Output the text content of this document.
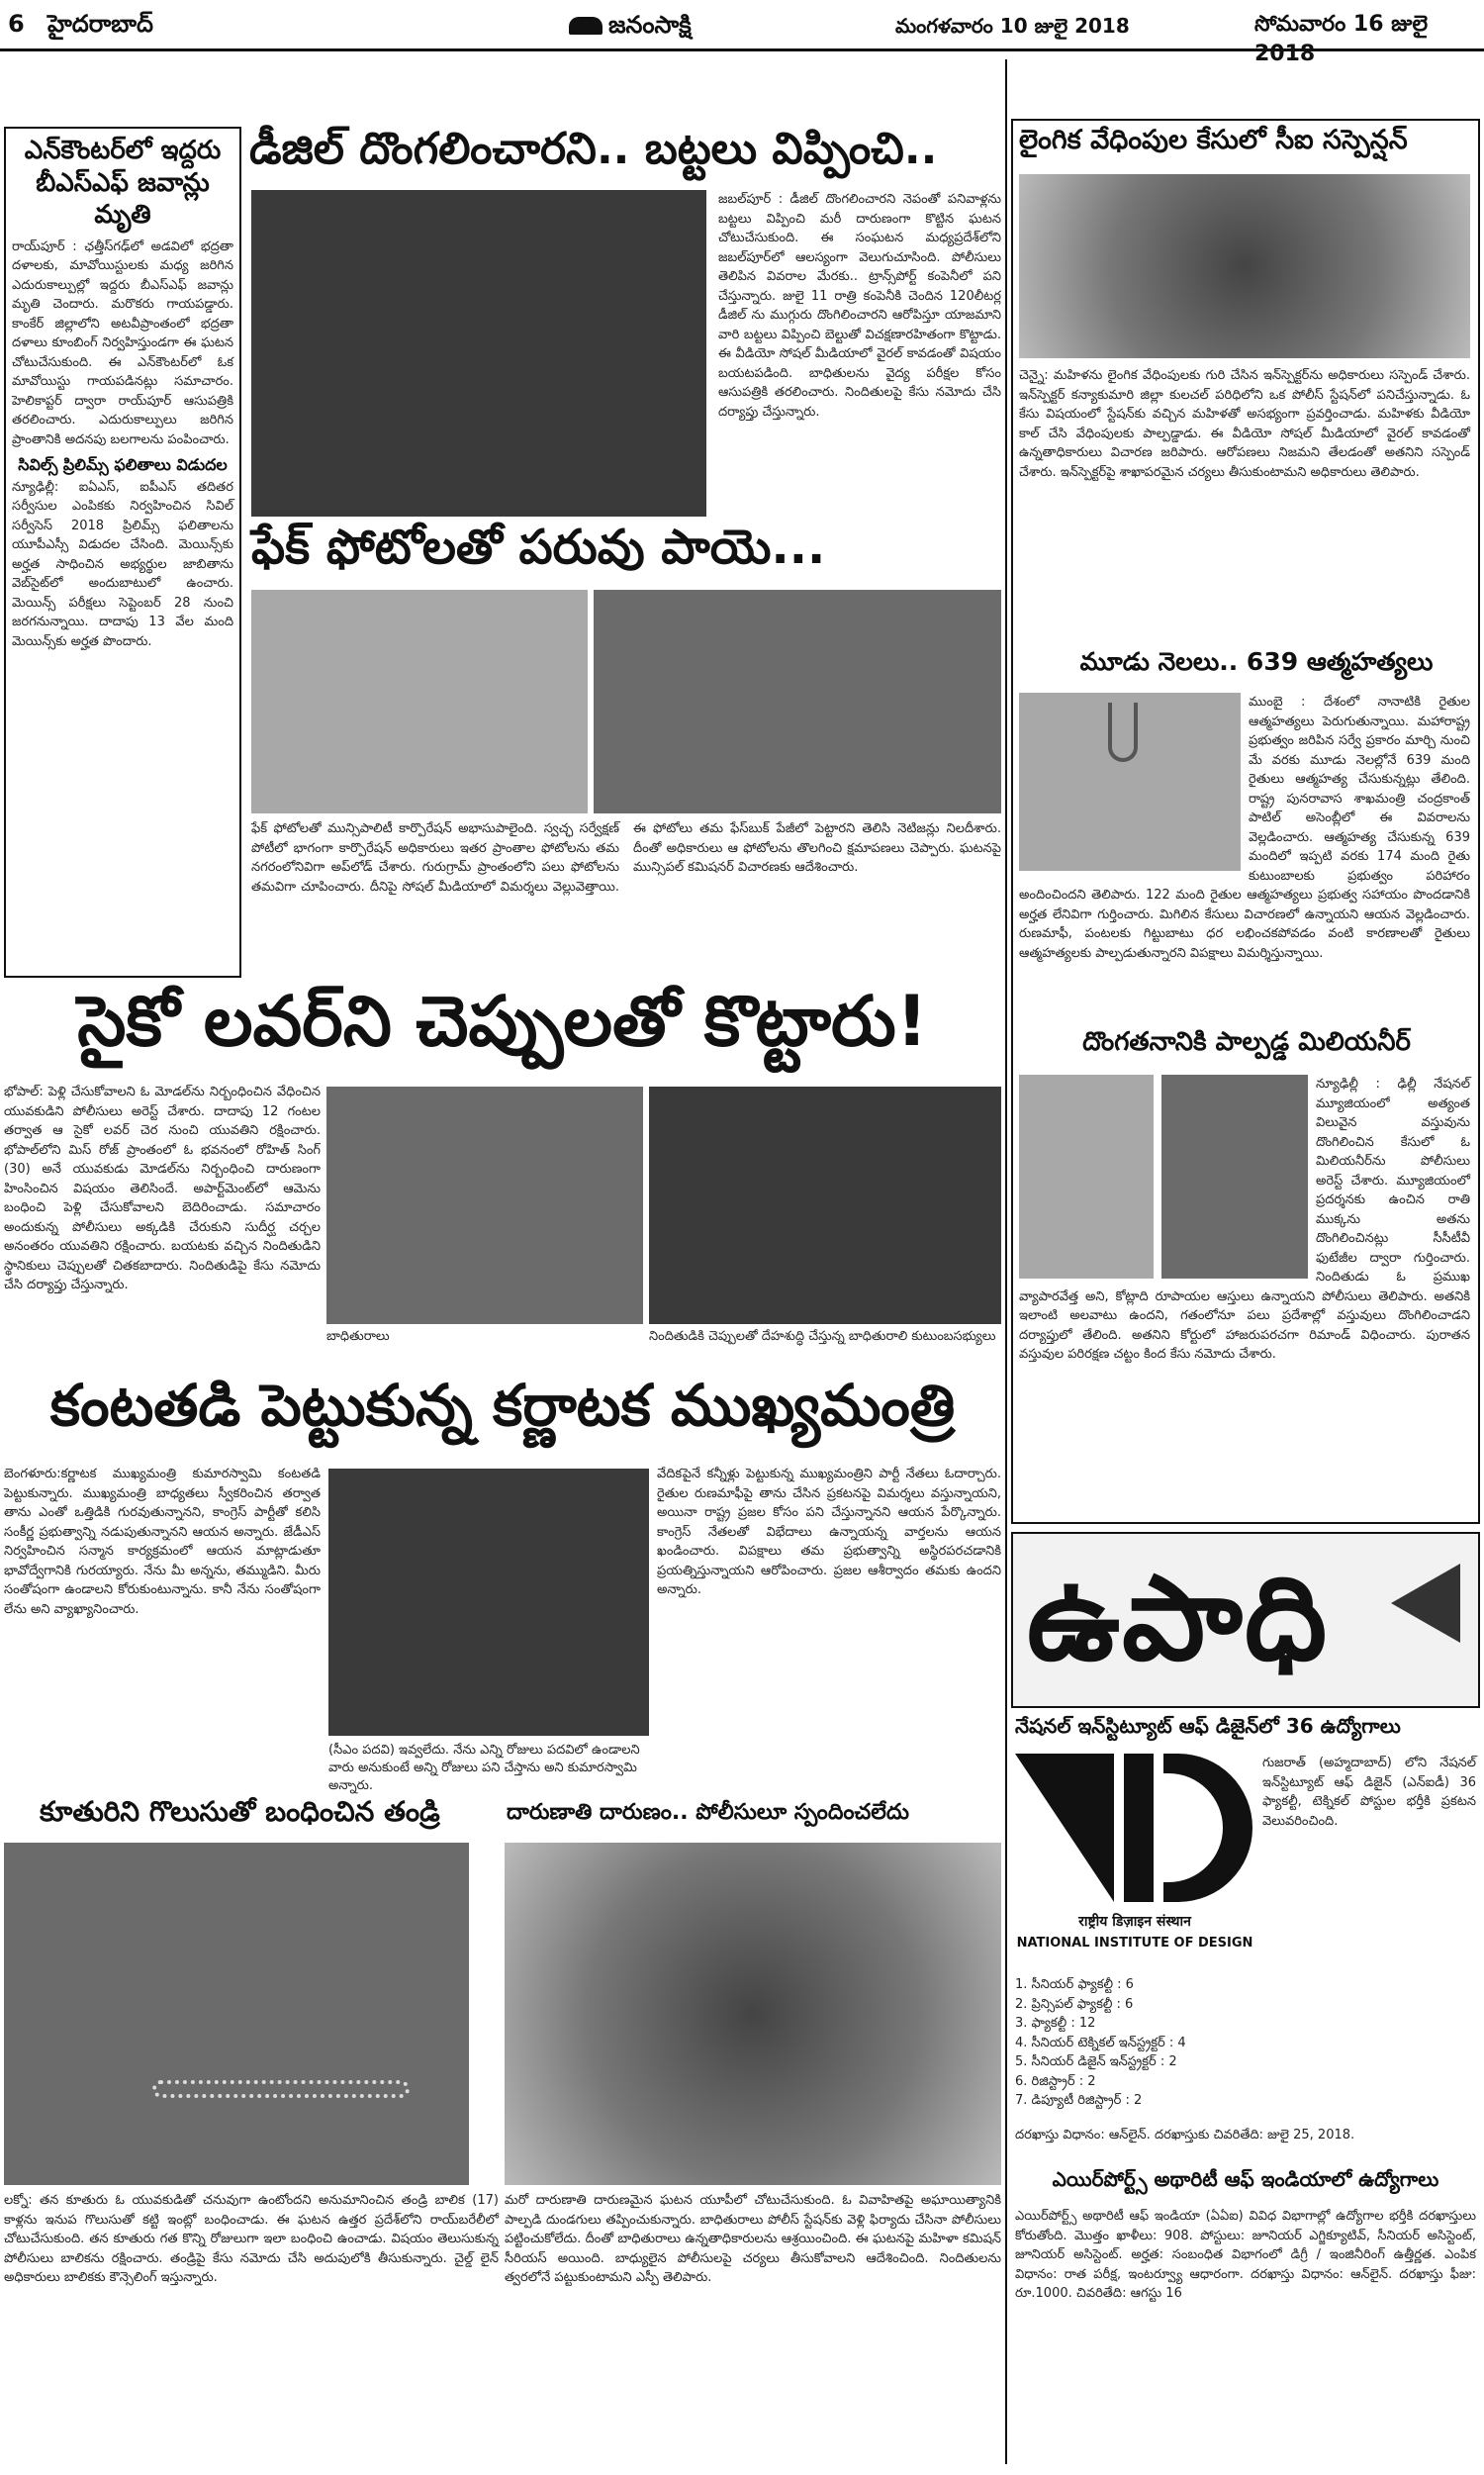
6 హైదరాబాద్	జనంసాక్షి	మంగళవారం 10 జులై 2018	సోమవారం 16 జులై 2018
ఎన్‌కౌంటర్‌లో ఇద్దరు బీఎస్‌ఎఫ్ జవాన్లు మృతి
రాయ్‌పూర్ : ఛత్తీస్‌గఢ్‌లో అడవిలో భద్రతా దళాలకు, మావోయిస్టులకు మధ్య జరిగిన ఎదురుకాల్పుల్లో ఇద్దరు బీఎస్‌ఎఫ్ జవాన్లు మృతి చెందారు. మరొకరు గాయపడ్డారు. కాంకేర్ జిల్లాలోని అటవీప్రాంతంలో భద్రతా దళాలు కూంబింగ్ నిర్వహిస్తుండగా ఈ ఘటన చోటుచేసుకుంది. ఈ ఎన్‌కౌంటర్‌లో ఓక మావోయిస్టు గాయపడినట్లు సమాచారం. హెలికాప్టర్ ద్వారా రాయ్‌పూర్ ఆసుపత్రికి తరలించారు. ఎదురుకాల్పులు జరిగిన ప్రాంతానికి అదనపు బలగాలను పంపించారు.
సివిల్స్ ప్రిలిమ్స్ ఫలితాలు విడుదల
న్యూఢిల్లీ: ఐఏఎస్, ఐపీఎస్ తదితర సర్వీసుల ఎంపికకు నిర్వహించిన సివిల్ సర్వీసెస్ 2018 ప్రిలిమ్స్ ఫలితాలను యూపీఎస్సీ విడుదల చేసింది. మెయిన్స్‌కు అర్హత సాధించిన అభ్యర్థుల జాబితాను వెబ్‌సైట్‌లో అందుబాటులో ఉంచారు. మెయిన్స్ పరీక్షలు సెప్టెంబర్ 28 నుంచి జరగనున్నాయి. దాదాపు 13 వేల మంది మెయిన్స్‌కు అర్హత పొందారు.
డీజిల్ దొంగలించారని.. బట్టలు విప్పించి..
జబల్‌పూర్ : డీజిల్ దొంగలించారని నెపంతో పనివాళ్లను బట్టలు విప్పించి మరీ దారుణంగా కొట్టిన ఘటన చోటుచేసుకుంది. ఈ సంఘటన మధ్యప్రదేశ్‌లోని జబల్‌పూర్‌లో ఆలస్యంగా వెలుగుచూసింది. పోలీసులు తెలిపిన వివరాల మేరకు.. ట్రాన్స్‌పోర్ట్ కంపెనీలో పని చేస్తున్నారు. జులై 11 రాత్రి కంపెనీకి చెందిన 120లీటర్ల డీజిల్ ను ముగ్గురు దొంగిలించారని ఆరోపిస్తూ యాజమాని వారి బట్టలు విప్పించి బెల్టుతో విచక్షణారహితంగా కొట్టాడు. ఈ వీడియో సోషల్ మీడియాలో వైరల్ కావడంతో విషయం బయటపడింది. బాధితులను వైద్య పరీక్షల కోసం ఆసుపత్రికి తరలించారు. నిందితులపై కేసు నమోదు చేసి దర్యాప్తు చేస్తున్నారు.
ఫేక్ ఫోటోలతో పరువు పాయె...
ఫేక్ ఫోటోలతో మున్సిపాలిటీ కార్పొరేషన్ అభాసుపాలైంది. స్వచ్ఛ సర్వేక్షణ్ పోటీలో భాగంగా కార్పొరేషన్ అధికారులు ఇతర ప్రాంతాల ఫోటోలను తమ నగరంలోనివిగా అప్‌లోడ్ చేశారు. గురుగ్రామ్ ప్రాంతంలోని పలు ఫోటోలను తమవిగా చూపించారు. దీనిపై సోషల్ మీడియాలో విమర్శలు వెల్లువెత్తాయి. ఈ ఫోటోలు తమ ఫేస్‌బుక్ పేజీలో పెట్టారని తెలిసి నెటిజన్లు నిలదీశారు. దీంతో అధికారులు ఆ ఫోటోలను తొలగించి క్షమాపణలు చెప్పారు. ఘటనపై మున్సిపల్ కమిషనర్ విచారణకు ఆదేశించారు.
సైకో లవర్‌ని చెప్పులతో కొట్టారు!
భోపాల్: పెళ్లి చేసుకోవాలని ఓ మోడల్‌ను నిర్బంధించిన వేధించిన యువకుడిని పోలీసులు అరెస్ట్ చేశారు. దాదాపు 12 గంటల తర్వాత ఆ సైకో లవర్ చెర నుంచి యువతిని రక్షించారు. భోపాల్‌లోని మిస్ రోజ్ ప్రాంతంలో ఓ భవనంలో రోహిత్ సింగ్ (30) అనే యువకుడు మోడల్‌ను నిర్బంధించి దారుణంగా హింసించిన విషయం తెలిసిందే. అపార్ట్‌మెంట్‌లో ఆమెను బంధించి పెళ్లి చేసుకోవాలని బెదిరించాడు. సమాచారం అందుకున్న పోలీసులు అక్కడికి చేరుకుని సుదీర్ఘ చర్చల అనంతరం యువతిని రక్షించారు. బయటకు వచ్చిన నిందితుడిని స్థానికులు చెప్పులతో చితకబాదారు. నిందితుడిపై కేసు నమోదు చేసి దర్యాప్తు చేస్తున్నారు.
బాధితురాలు	నిందితుడికి చెప్పులతో దేహశుద్ధి చేస్తున్న బాధితురాలి కుటుంబసభ్యులు
కంటతడి పెట్టుకున్న కర్ణాటక ముఖ్యమంత్రి
బెంగళూరు:కర్ణాటక ముఖ్యమంత్రి కుమారస్వామి కంటతడి పెట్టుకున్నారు. ముఖ్యమంత్రి బాధ్యతలు స్వీకరించిన తర్వాత తాను ఎంతో ఒత్తిడికి గురవుతున్నానని, కాంగ్రెస్ పార్టీతో కలిసి సంకీర్ణ ప్రభుత్వాన్ని నడుపుతున్నానని ఆయన అన్నారు. జేడీఎస్ నిర్వహించిన సన్మాన కార్యక్రమంలో ఆయన మాట్లాడుతూ భావోద్వేగానికి గురయ్యారు. నేను మీ అన్నను, తమ్ముడిని. మీరు సంతోషంగా ఉండాలని కోరుకుంటున్నాను. కానీ నేను సంతోషంగా లేను అని వ్యాఖ్యానించారు.
(సీఎం పదవి) ఇవ్వలేదు. నేను ఎన్ని రోజులు పదవిలో ఉండాలని వారు అనుకుంటే అన్ని రోజులు పని చేస్తాను అని కుమారస్వామి అన్నారు.
వేదికపైనే కన్నీళ్లు పెట్టుకున్న ముఖ్యమంత్రిని పార్టీ నేతలు ఓదార్చారు. రైతుల రుణమాఫీపై తాను చేసిన ప్రకటనపై విమర్శలు వస్తున్నాయని, అయినా రాష్ట్ర ప్రజల కోసం పని చేస్తున్నానని ఆయన పేర్కొన్నారు. కాంగ్రెస్ నేతలతో విభేదాలు ఉన్నాయన్న వార్తలను ఆయన ఖండించారు. విపక్షాలు తమ ప్రభుత్వాన్ని అస్థిరపరచడానికి ప్రయత్నిస్తున్నాయని ఆరోపించారు. ప్రజల ఆశీర్వాదం తమకు ఉందని అన్నారు.
కూతురిని గొలుసుతో బంధించిన తండ్రి
లక్నో: తన కూతురు ఓ యువకుడితో చనువుగా ఉంటోందని అనుమానించిన తండ్రి బాలిక (17) కాళ్లను ఇనుప గొలుసుతో కట్టి ఇంట్లో బంధించాడు. ఈ ఘటన ఉత్తర ప్రదేశ్‌లోని రాయ్‌బరేలీలో చోటుచేసుకుంది. తన కూతురు గత కొన్ని రోజులుగా ఇలా బంధించి ఉంచాడు. విషయం తెలుసుకున్న పోలీసులు బాలికను రక్షించారు. తండ్రిపై కేసు నమోదు చేసి అదుపులోకి తీసుకున్నారు. చైల్డ్ లైన్ అధికారులు బాలికకు కౌన్సెలింగ్ ఇస్తున్నారు.
దారుణాతి దారుణం.. పోలీసులూ స్పందించలేదు
మరో దారుణాతి దారుణమైన ఘటన యూపీలో చోటుచేసుకుంది. ఓ వివాహితపై అఘాయిత్యానికి పాల్పడి దుండగులు తప్పించుకున్నారు. బాధితురాలు పోలీస్ స్టేషన్‌కు వెళ్లి ఫిర్యాదు చేసినా పోలీసులు పట్టించుకోలేదు. దీంతో బాధితురాలు ఉన్నతాధికారులను ఆశ్రయించింది. ఈ ఘటనపై మహిళా కమిషన్ సీరియస్ అయింది. బాధ్యులైన పోలీసులపై చర్యలు తీసుకోవాలని ఆదేశించింది. నిందితులను త్వరలోనే పట్టుకుంటామని ఎస్పీ తెలిపారు.
లైంగిక వేధింపుల కేసులో సీఐ సస్పెన్షన్
చెన్నై: మహిళను లైంగిక వేధింపులకు గురి చేసిన ఇన్‌స్పెక్టర్‌ను అధికారులు సస్పెండ్ చేశారు. ఇన్‌స్పెక్టర్ కన్యాకుమారి జిల్లా కులచల్ పరిధిలోని ఒక పోలీస్ స్టేషన్‌లో పనిచేస్తున్నాడు. ఓ కేసు విషయంలో స్టేషన్‌కు వచ్చిన మహిళతో అసభ్యంగా ప్రవర్తించాడు. మహిళకు వీడియో కాల్ చేసి వేధింపులకు పాల్పడ్డాడు. ఈ వీడియో సోషల్ మీడియాలో వైరల్ కావడంతో ఉన్నతాధికారులు విచారణ జరిపారు. ఆరోపణలు నిజమని తేలడంతో అతనిని సస్పెండ్ చేశారు. ఇన్‌స్పెక్టర్‌పై శాఖాపరమైన చర్యలు తీసుకుంటామని అధికారులు తెలిపారు.
మూడు నెలలు.. 639 ఆత్మహత్యలు
ముంబై : దేశంలో నానాటికి రైతుల ఆత్మహత్యలు పెరుగుతున్నాయి. మహారాష్ట్ర ప్రభుత్వం జరిపిన సర్వే ప్రకారం మార్చి నుంచి మే వరకు మూడు నెలల్లోనే 639 మంది రైతులు ఆత్మహత్య చేసుకున్నట్లు తేలింది. రాష్ట్ర పునరావాస శాఖమంత్రి చంద్రకాంత్ పాటిల్ అసెంబ్లీలో ఈ వివరాలను వెల్లడించారు. ఆత్మహత్య చేసుకున్న 639 మందిలో ఇప్పటి వరకు 174 మంది రైతు కుటుంబాలకు ప్రభుత్వం పరిహారం అందించిందని తెలిపారు. 122 మంది రైతుల ఆత్మహత్యలు ప్రభుత్వ సహాయం పొందడానికి అర్హత లేనివిగా గుర్తించారు. మిగిలిన కేసులు విచారణలో ఉన్నాయని ఆయన వెల్లడించారు. రుణమాఫీ, పంటలకు గిట్టుబాటు ధర లభించకపోవడం వంటి కారణాలతో రైతులు ఆత్మహత్యలకు పాల్పడుతున్నారని విపక్షాలు విమర్శిస్తున్నాయి.
దొంగతనానికి పాల్పడ్డ మిలియనీర్
న్యూఢిల్లీ : ఢిల్లీ నేషనల్ మ్యూజియంలో అత్యంత విలువైన వస్తువును దొంగిలించిన కేసులో ఓ మిలియనీర్‌ను పోలీసులు అరెస్ట్ చేశారు. మ్యూజియంలో ప్రదర్శనకు ఉంచిన రాతి ముక్కను అతను దొంగిలించినట్లు సీసీటీవీ ఫుటేజీల ద్వారా గుర్తించారు. నిందితుడు ఓ ప్రముఖ వ్యాపారవేత్త అని, కోట్లాది రూపాయల ఆస్తులు ఉన్నాయని పోలీసులు తెలిపారు. అతనికి ఇలాంటి అలవాటు ఉందని, గతంలోనూ పలు ప్రదేశాల్లో వస్తువులు దొంగిలించాడని దర్యాప్తులో తేలింది. అతనిని కోర్టులో హాజరుపరచగా రిమాండ్ విధించారు. పురాతన వస్తువుల పరిరక్షణ చట్టం కింద కేసు నమోదు చేశారు.
ఉపాధి
నేషనల్ ఇన్‌స్టిట్యూట్ ఆఫ్ డిజైన్‌లో 36 ఉద్యోగాలు
राष्ट्रीय डिज़ाइन संस्थान
NATIONAL INSTITUTE OF DESIGN
గుజరాత్ (అహ్మదాబాద్) లోని నేషనల్ ఇన్‌స్టిట్యూట్ ఆఫ్ డిజైన్ (ఎన్ఐడీ) 36 ఫ్యాకల్టీ, టెక్నికల్ పోస్టుల భర్తీకి ప్రకటన వెలువరించింది.
1. సీనియర్ ఫ్యాకల్టీ : 6
2. ప్రిన్సిపల్ ఫ్యాకల్టీ : 6
3. ఫ్యాకల్టీ : 12
4. సీనియర్ టెక్నికల్ ఇన్‌స్ట్రక్టర్ : 4
5. సీనియర్ డిజైన్ ఇన్‌స్ట్రక్టర్ : 2
6. రిజిస్ట్రార్ : 2
7. డిప్యూటీ రిజిస్ట్రార్ : 2
దరఖాస్తు విధానం: ఆన్‌లైన్. దరఖాస్తుకు చివరితేది: జులై 25, 2018.
ఎయిర్‌పోర్ట్స్ అథారిటీ ఆఫ్ ఇండియాలో ఉద్యోగాలు
ఎయిర్‌పోర్ట్స్ అథారిటీ ఆఫ్ ఇండియా (ఏఏఐ) వివిధ విభాగాల్లో ఉద్యోగాల భర్తీకి దరఖాస్తులు కోరుతోంది. మొత్తం ఖాళీలు: 908. పోస్టులు: జూనియర్ ఎగ్జిక్యూటివ్, సీనియర్ అసిస్టెంట్, జూనియర్ అసిస్టెంట్. అర్హత: సంబంధిత విభాగంలో డిగ్రీ / ఇంజినీరింగ్ ఉత్తీర్ణత. ఎంపిక విధానం: రాత పరీక్ష, ఇంటర్వ్యూ ఆధారంగా. దరఖాస్తు విధానం: ఆన్‌లైన్. దరఖాస్తు ఫీజు: రూ.1000. చివరితేది: ఆగస్టు 16
